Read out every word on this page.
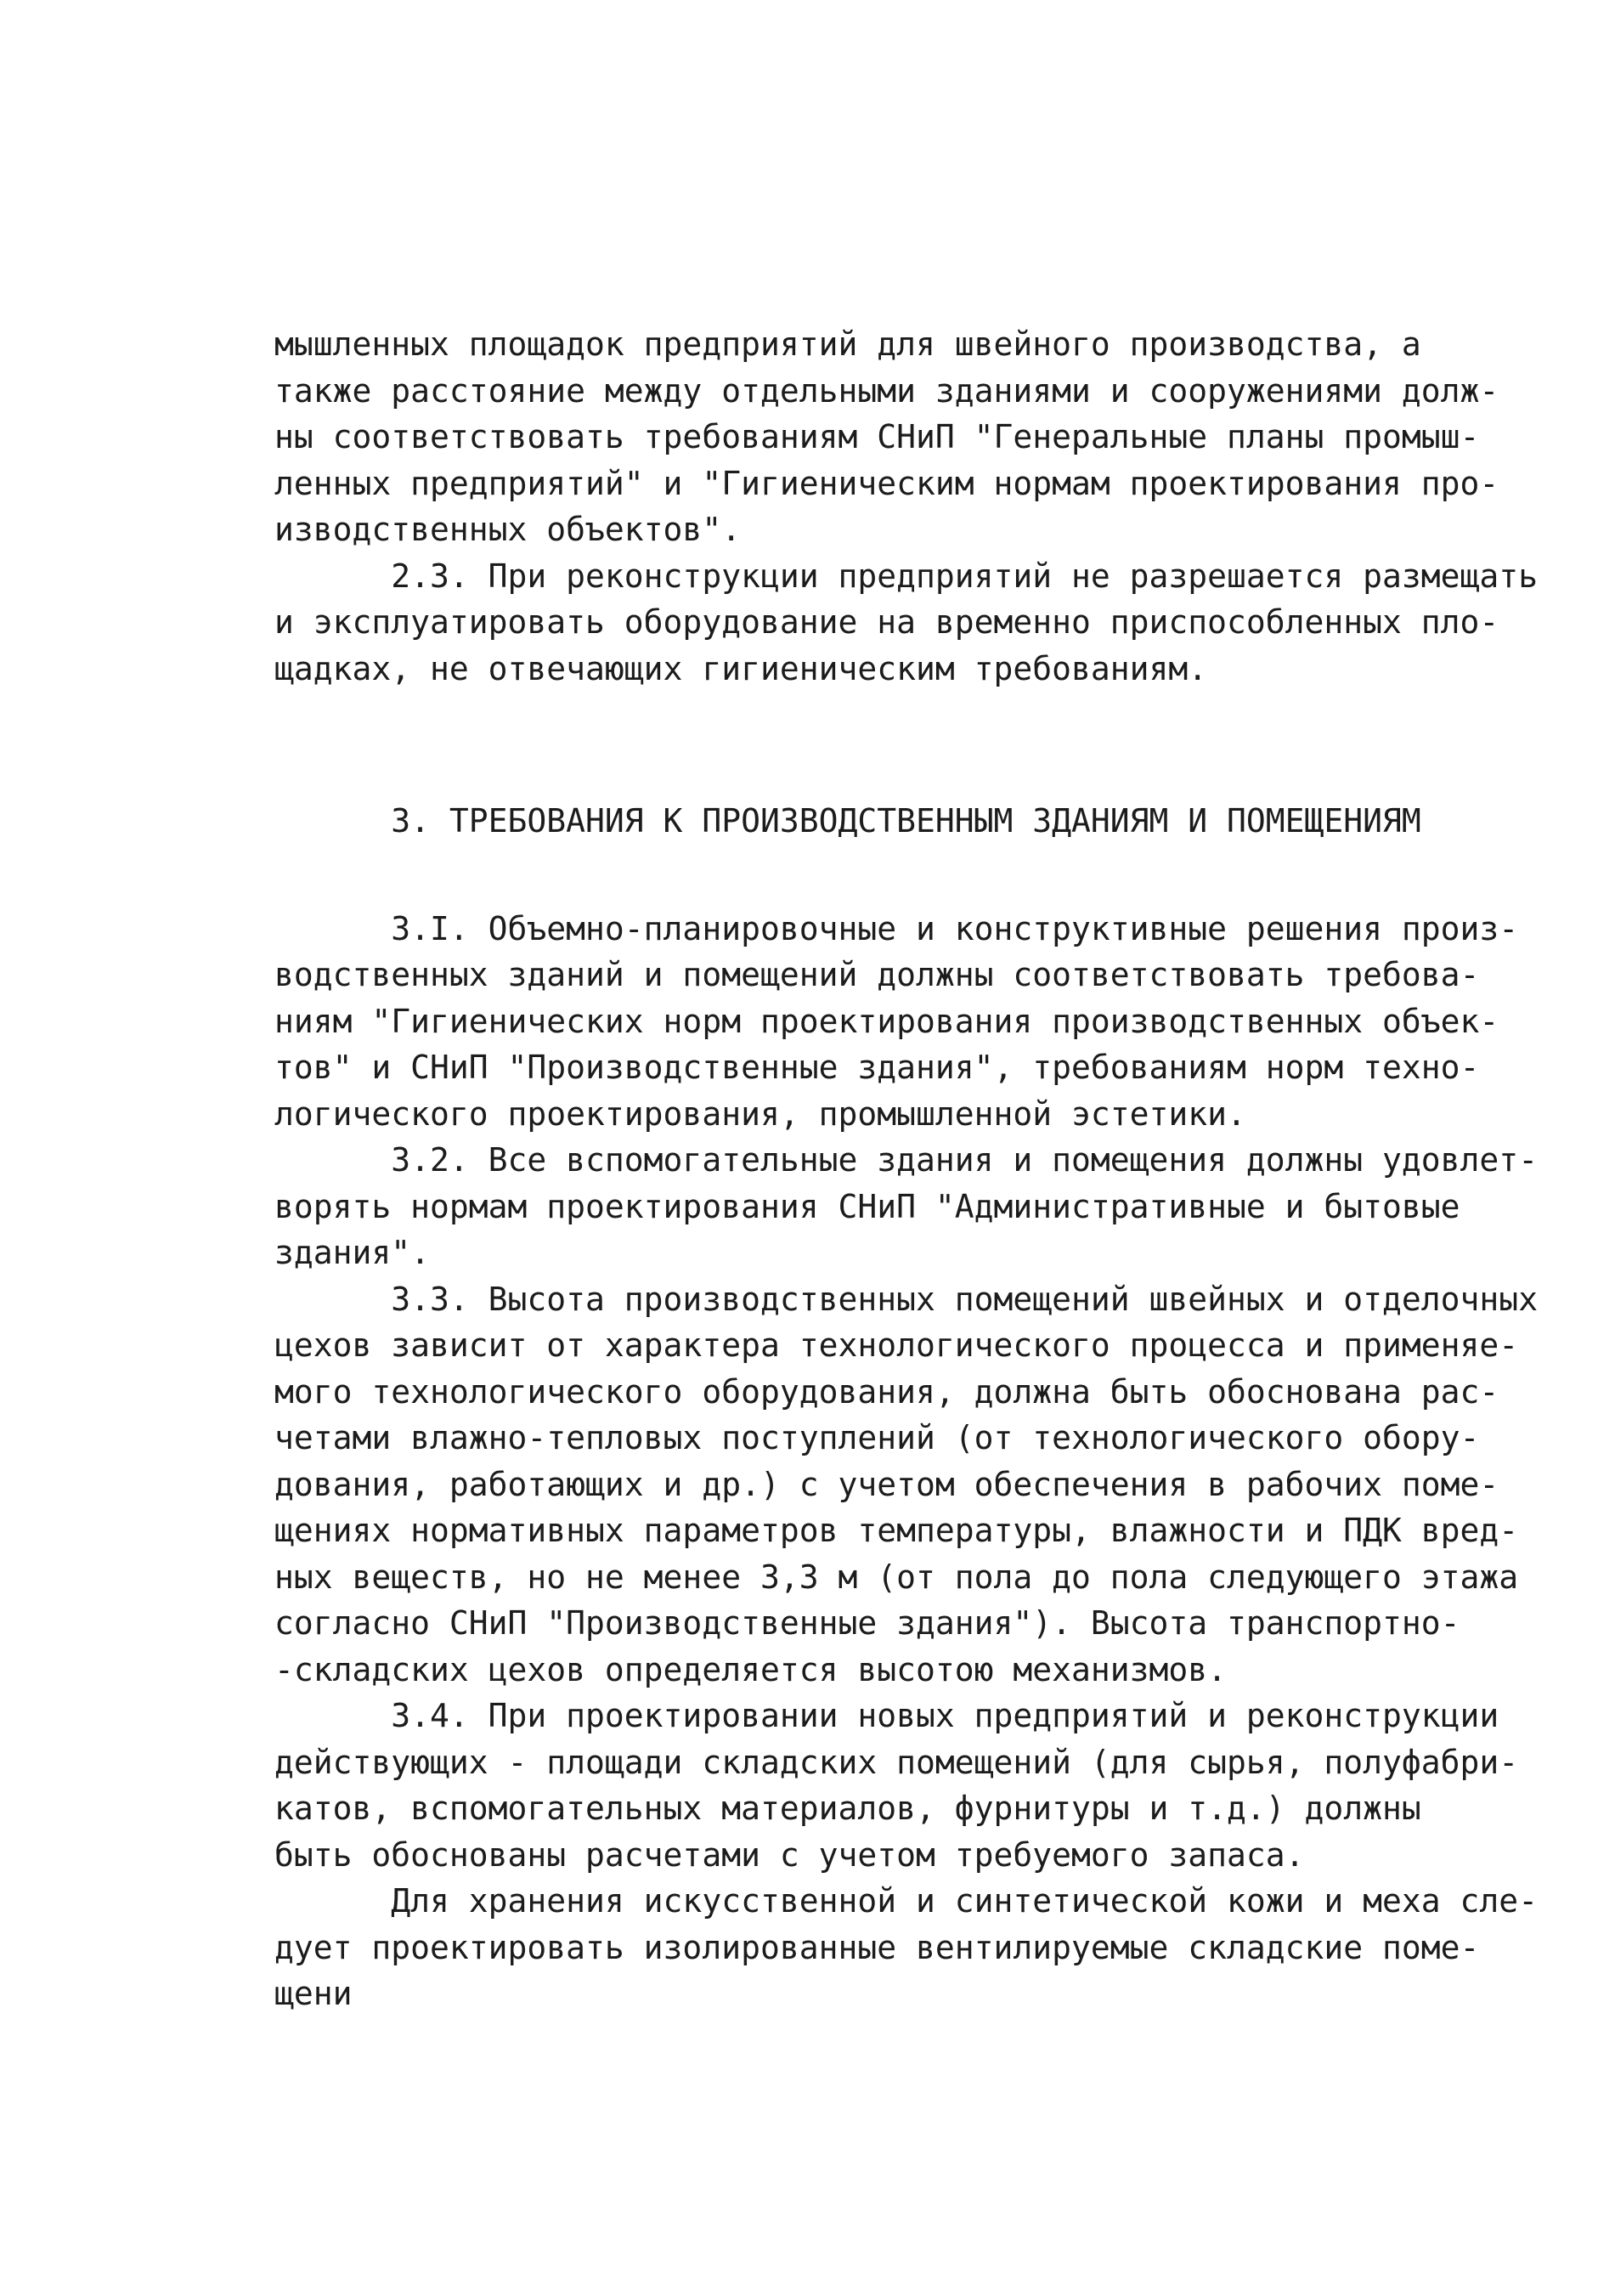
мышленных площадок предприятий для швейного производства, а
также расстояние между отдельными зданиями и сооружениями долж-
ны соответствовать требованиям СНиП "Генеральные планы промыш-
ленных предприятий" и "Гигиеническим нормам проектирования про-
изводственных объектов".
2.3. При реконструкции предприятий не разрешается размещать
и эксплуатировать оборудование на временно приспособленных пло-
щадках, не отвечающих гигиеническим требованиям.
3. ТРЕБОВАНИЯ К ПРОИЗВОДСТВЕННЫМ ЗДАНИЯМ И ПОМЕЩЕНИЯМ
3.I. Объемно-планировочные и конструктивные решения произ-
водственных зданий и помещений должны соответствовать требова-
ниям "Гигиенических норм проектирования производственных объек-
тов" и СНиП "Производственные здания", требованиям норм техно-
логического проектирования, промышленной эстетики.
3.2. Все вспомогательные здания и помещения должны удовлет-
ворять нормам проектирования СНиП "Административные и бытовые
здания".
3.3. Высота производственных помещений швейных и отделочных
цехов зависит от характера технологического процесса и применяе-
мого технологического оборудования, должна быть обоснована рас-
четами влажно-тепловых поступлений (от технологического обору-
дования, работающих и др.) с учетом обеспечения в рабочих поме-
щениях нормативных параметров температуры, влажности и ПДК вред-
ных веществ, но не менее 3,3 м (от пола до пола следующего этажа
согласно СНиП "Производственные здания"). Высота транспортно-
-складских цехов определяется высотою механизмов.
3.4. При проектировании новых предприятий и реконструкции
действующих - площади складских помещений (для сырья, полуфабри-
катов, вспомогательных материалов, фурнитуры и т.д.) должны
быть обоснованы расчетами с учетом требуемого запаса.
Для хранения искусственной и синтетической кожи и меха сле-
дует проектировать изолированные вентилируемые складские поме-
щени
